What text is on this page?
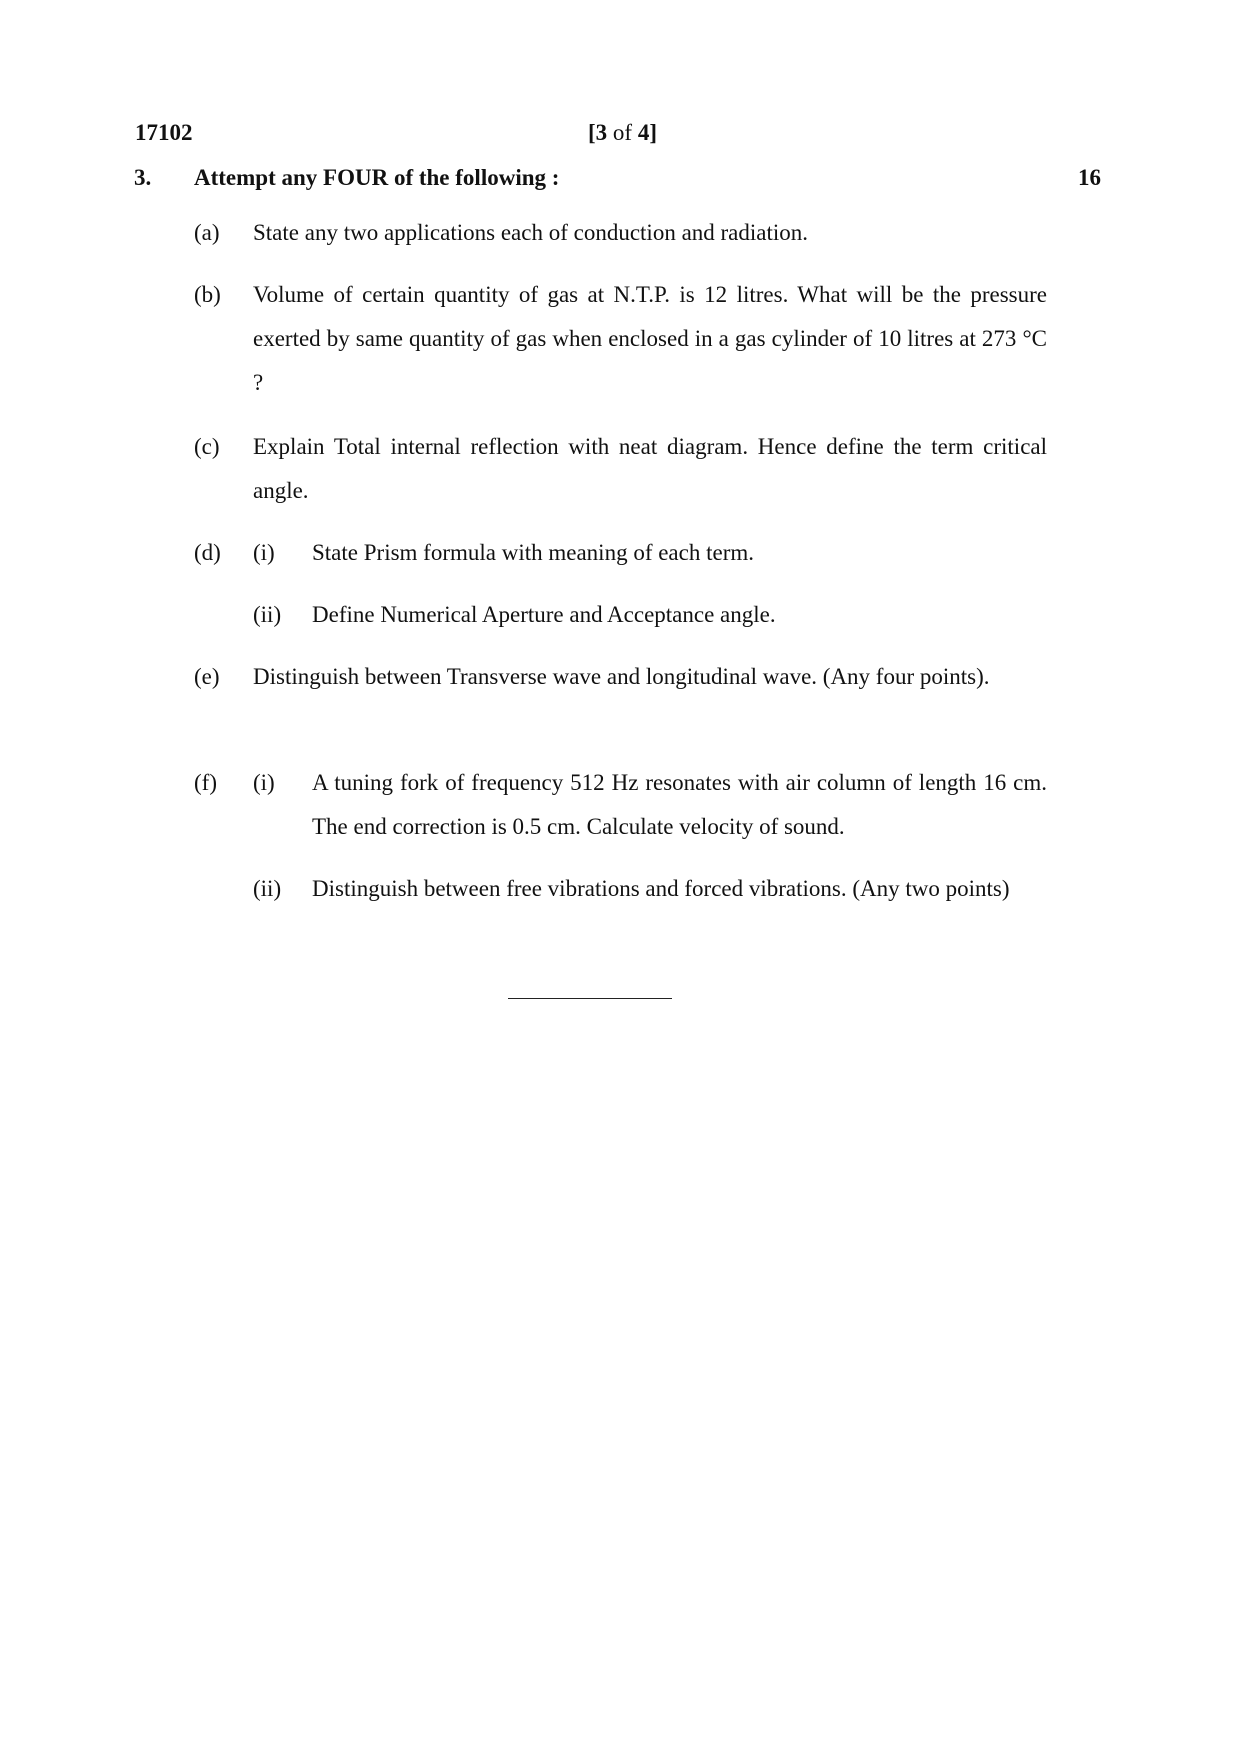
17102	[3 of 4]
3. Attempt any FOUR of the following :	16
(a) State any two applications each of conduction and radiation.
(b) Volume of certain quantity of gas at N.T.P. is 12 litres. What will be the pressure exerted by same quantity of gas when enclosed in a gas cylinder of 10 litres at 273 °C ?
(c) Explain Total internal reflection with neat diagram. Hence define the term critical angle.
(d) (i) State Prism formula with meaning of each term.
(ii) Define Numerical Aperture and Acceptance angle.
(e) Distinguish between Transverse wave and longitudinal wave. (Any four points).
(f) (i) A tuning fork of frequency 512 Hz resonates with air column of length 16 cm. The end correction is 0.5 cm. Calculate velocity of sound.
(ii) Distinguish between free vibrations and forced vibrations. (Any two points)
